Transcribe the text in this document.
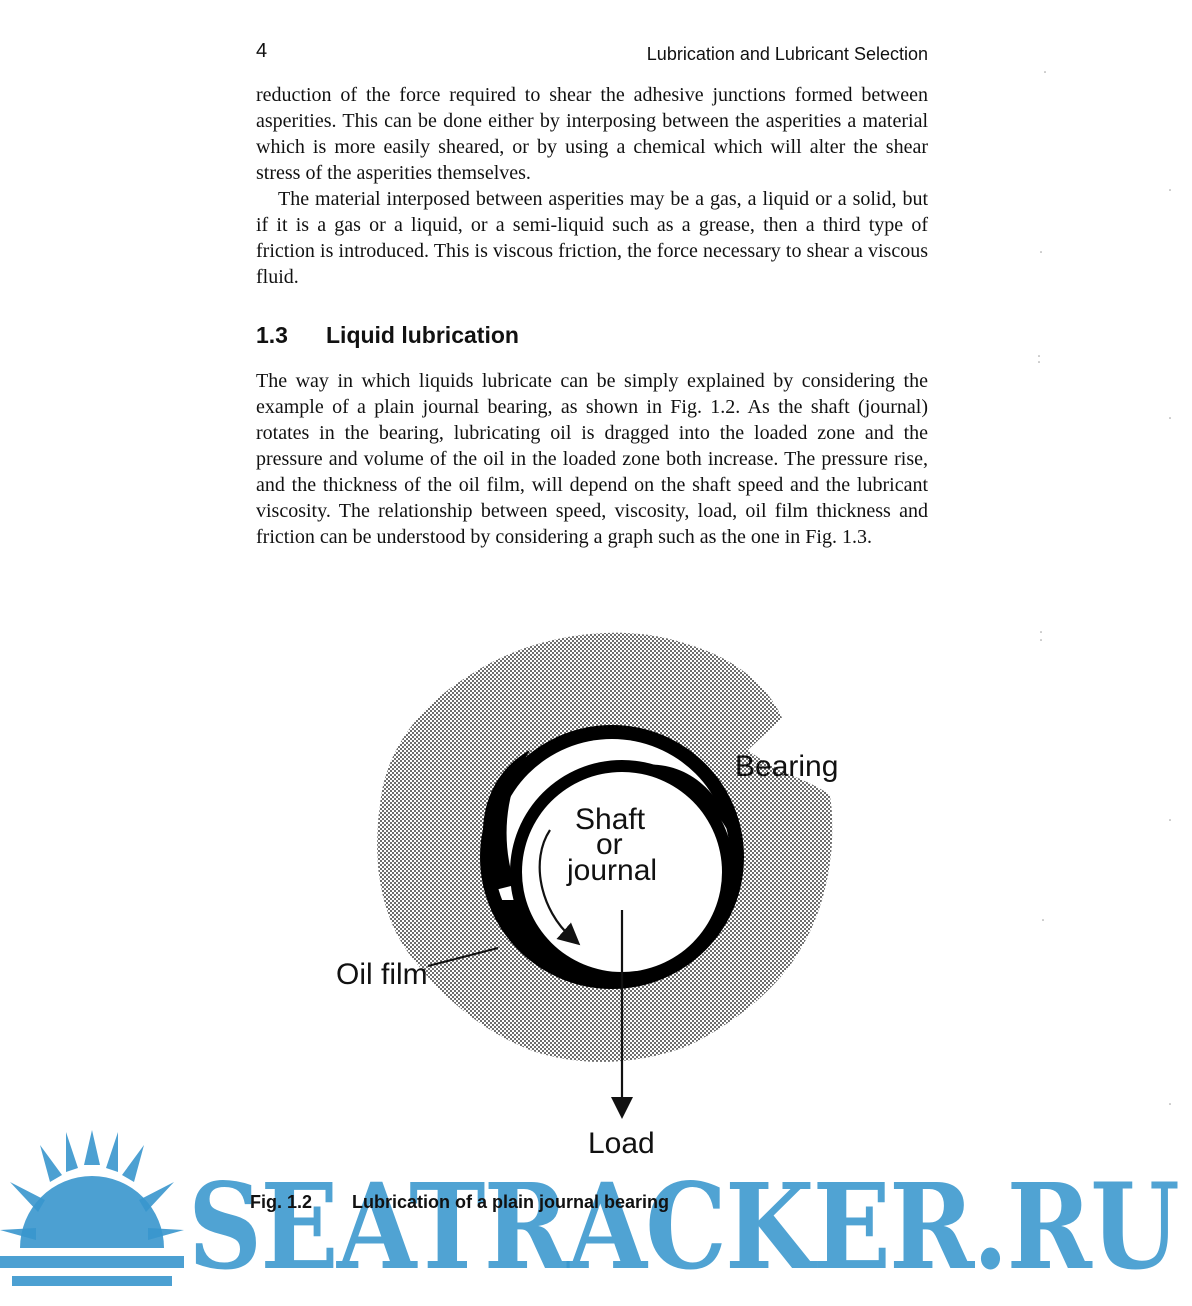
4	Lubrication and Lubricant Selection

reduction of the force required to shear the adhesive junctions formed between asperities. This can be done either by interposing between the asperities a material which is more easily sheared, or by using a chemical which will alter the shear stress of the asperities themselves.

The material interposed between asperities may be a gas, a liquid or a solid, but if it is a gas or a liquid, or a semi-liquid such as a grease, then a third type of friction is introduced. This is viscous friction, the force necessary to shear a viscous fluid.

1.3 Liquid lubrication

The way in which liquids lubricate can be simply explained by considering the example of a plain journal bearing, as shown in Fig. 1.2. As the shaft (journal) rotates in the bearing, lubricating oil is dragged into the loaded zone and the pressure and volume of the oil in the loaded zone both increase. The pressure rise, and the thickness of the oil film, will depend on the shaft speed and the lubricant viscosity. The relationship between speed, viscosity, load, oil film thickness and friction can be understood by considering a graph such as the one in Fig. 1.3.

Bearing
Shaft
or
journal
Oil film
Load
SEATRACKER.RU
Fig. 1.2 Lubrication of a plain journal bearing
